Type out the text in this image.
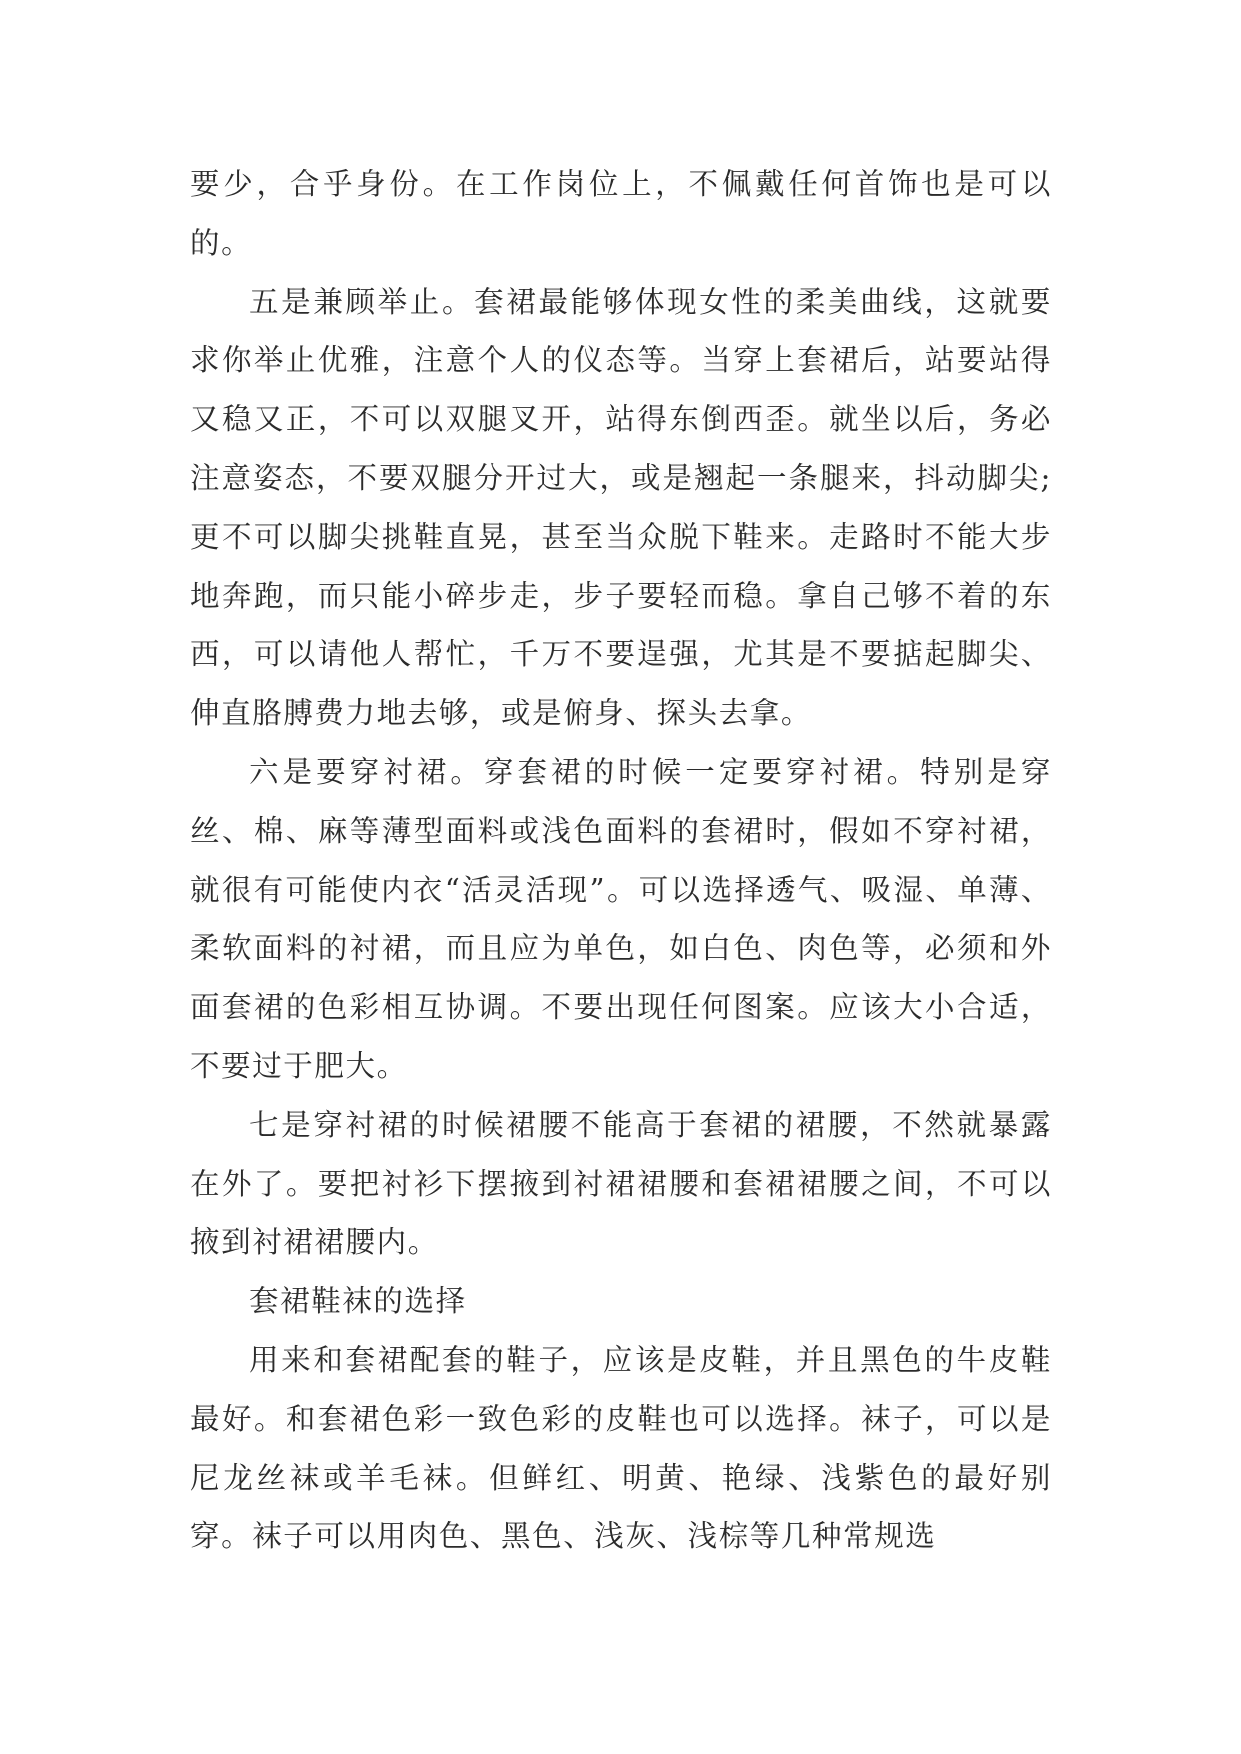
要少，合乎身份。在工作岗位上，不佩戴任何首饰也是可以的。

五是兼顾举止。套裙最能够体现女性的柔美曲线，这就要求你举止优雅，注意个人的仪态等。当穿上套裙后，站要站得又稳又正，不可以双腿叉开，站得东倒西歪。就坐以后，务必注意姿态，不要双腿分开过大，或是翘起一条腿来，抖动脚尖;更不可以脚尖挑鞋直晃，甚至当众脱下鞋来。走路时不能大步地奔跑，而只能小碎步走，步子要轻而稳。拿自己够不着的东西，可以请他人帮忙，千万不要逞强，尤其是不要掂起脚尖、伸直胳膊费力地去够，或是俯身、探头去拿。

六是要穿衬裙。穿套裙的时候一定要穿衬裙。特别是穿丝、棉、麻等薄型面料或浅色面料的套裙时，假如不穿衬裙，就很有可能使内衣“活灵活现”。可以选择透气、吸湿、单薄、柔软面料的衬裙，而且应为单色，如白色、肉色等，必须和外面套裙的色彩相互协调。不要出现任何图案。应该大小合适，不要过于肥大。

七是穿衬裙的时候裙腰不能高于套裙的裙腰，不然就暴露在外了。要把衬衫下摆掖到衬裙裙腰和套裙裙腰之间，不可以掖到衬裙裙腰内。

套裙鞋袜的选择

用来和套裙配套的鞋子，应该是皮鞋，并且黑色的牛皮鞋最好。和套裙色彩一致色彩的皮鞋也可以选择。袜子，可以是尼龙丝袜或羊毛袜。但鲜红、明黄、艳绿、浅紫色的最好别穿。袜子可以用肉色、黑色、浅灰、浅棕等几种常规选
